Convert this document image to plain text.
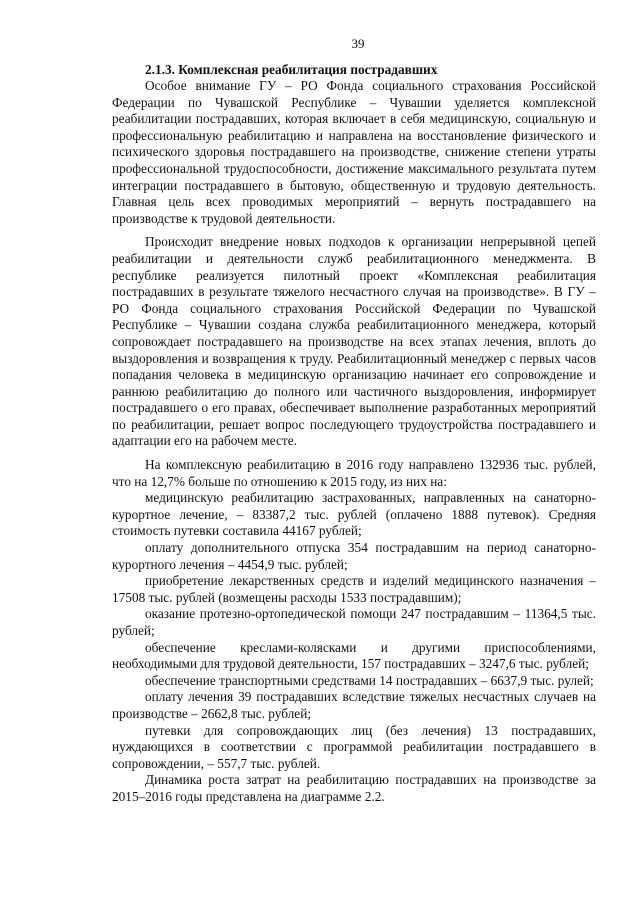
39

2.1.3. Комплексная реабилитация пострадавших

Особое внимание ГУ – РО Фонда социального страхования Российской Федерации по Чувашской Республике – Чувашии уделяется комплексной реабилитации пострадавших, которая включает в себя медицинскую, социальную и профессиональную реабилитацию и направлена на восстановление физического и психического здоровья пострадавшего на производстве, снижение степени утраты профессиональной трудоспособности, достижение максимального результата путем интеграции пострадавшего в бытовую, общественную и трудовую деятельность. Главная цель всех проводимых мероприятий – вернуть пострадавшего на производстве к трудовой деятельности.

Происходит внедрение новых подходов к организации непрерывной цепей реабилитации и деятельности служб реабилитационного менеджмента. В республике реализуется пилотный проект «Комплексная реабилитация пострадавших в результате тяжелого несчастного случая на производстве». В ГУ – РО Фонда социального страхования Российской Федерации по Чувашской Республике – Чувашии создана служба реабилитационного менеджера, который сопровождает пострадавшего на производстве на всех этапах лечения, вплоть до выздоровления и возвращения к труду. Реабилитационный менеджер с первых часов попадания человека в медицинскую организацию начинает его сопровождение и раннюю реабилитацию до полного или частичного выздоровления, информирует пострадавшего о его правах, обеспечивает выполнение разработанных мероприятий по реабилитации, решает вопрос последующего трудоустройства пострадавшего и адаптации его на рабочем месте.

На комплексную реабилитацию в 2016 году направлено 132936 тыс. рублей, что на 12,7% больше по отношению к 2015 году, из них на:

медицинскую реабилитацию застрахованных, направленных на санаторно-курортное лечение, – 83387,2 тыс. рублей (оплачено 1888 путевок). Средняя стоимость путевки составила 44167 рублей;

оплату дополнительного отпуска 354 пострадавшим на период санаторно-курортного лечения – 4454,9 тыс. рублей;

приобретение лекарственных средств и изделий медицинского назначения – 17508 тыс. рублей (возмещены расходы 1533 пострадавшим);

оказание протезно-ортопедической помощи 247 пострадавшим – 11364,5 тыс. рублей;

обеспечение креслами-колясками и другими приспособлениями, необходимыми для трудовой деятельности, 157 пострадавших – 3247,6 тыс. рублей;

обеспечение транспортными средствами 14 пострадавших – 6637,9 тыс. рулей;

оплату лечения 39 пострадавших вследствие тяжелых несчастных случаев на производстве – 2662,8 тыс. рублей;

путевки для сопровождающих лиц (без лечения) 13 пострадавших, нуждающихся в соответствии с программой реабилитации пострадавшего в сопровождении, – 557,7 тыс. рублей.

Динамика роста затрат на реабилитацию пострадавших на производстве за 2015–2016 годы представлена на диаграмме 2.2.
